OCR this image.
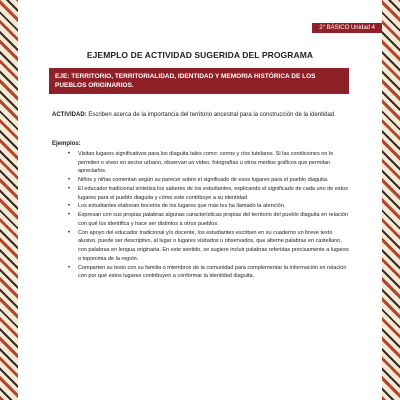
2° BÁSICO Unidad 4
EJEMPLO DE ACTIVIDAD SUGERIDA DEL PROGRAMA
EJE: TERRITORIO, TERRITORIALIDAD, IDENTIDAD Y MEMORIA HISTÓRICA DE LOS PUEBLOS ORIGINARIOS.

ACTIVIDAD: Escriben acerca de la importancia del territorio ancestral para la construcción de la identidad.

Ejemplos:

• Visitan lugares significativos para los diaguita tales como: cerros y ríos tutelares. Si las condiciones no lo permiten o viven en sector urbano, observan un video, fotografías u otros medios gráficos que permitan apreciarlos.
• Niños y niñas comentan según su parecer sobre el significado de esos lugares para el pueblo diaguita.
• El educador tradicional sintetiza los saberes de los estudiantes, explicando el significado de cada uno de estos lugares para el pueblo diaguita y cómo este contribuye a su identidad.
• Los estudiantes elaboran bocetos de los lugares que más les ha llamado la atención.
• Expresan con sus propias palabras algunas características propias del territorio del pueblo diaguita en relación con qué los identifica y hace ser distintos a otros pueblos.
• Con apoyo del educador tradicional y/o docente, los estudiantes escriben en su cuaderno un breve texto alusivo, puede ser descriptivo, al lugar o lugares visitados u observados, que alterne palabras en castellano, con palabras en lengua originaria. En este sentido, se sugiere incluir palabras referidas precisamente a lugares o toponimia de la región.
• Comparten su texto con su familia o miembros de la comunidad para complementar la información en relación con por qué estos lugares contribuyen a conformar la identidad diaguita.
